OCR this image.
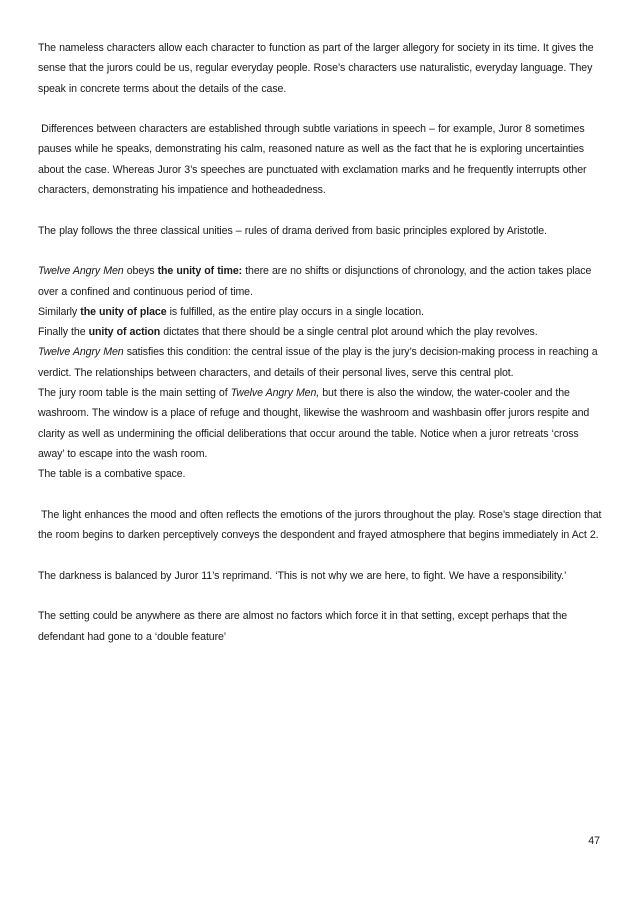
The nameless characters allow each character to function as part of the larger allegory for society in its time. It gives the sense that the jurors could be us, regular everyday people. Rose’s characters use naturalistic, everyday language. They speak in concrete terms about the details of the case.

Differences between characters are established through subtle variations in speech – for example, Juror 8 sometimes pauses while he speaks, demonstrating his calm, reasoned nature as well as the fact that he is exploring uncertainties about the case. Whereas Juror 3’s speeches are punctuated with exclamation marks and he frequently interrupts other characters, demonstrating his impatience and hotheadedness.

The play follows the three classical unities – rules of drama derived from basic principles explored by Aristotle.

Twelve Angry Men obeys the unity of time: there are no shifts or disjunctions of chronology, and the action takes place over a confined and continuous period of time.

Similarly the unity of place is fulfilled, as the entire play occurs in a single location.

Finally the unity of action dictates that there should be a single central plot around which the play revolves.

Twelve Angry Men satisfies this condition: the central issue of the play is the jury’s decision-making process in reaching a verdict. The relationships between characters, and details of their personal lives, serve this central plot.

The jury room table is the main setting of Twelve Angry Men, but there is also the window, the water-cooler and the washroom. The window is a place of refuge and thought, likewise the washroom and washbasin offer jurors respite and clarity as well as undermining the official deliberations that occur around the table. Notice when a juror retreats ‘cross away’ to escape into the wash room.

The table is a combative space.

The light enhances the mood and often reflects the emotions of the jurors throughout the play. Rose’s stage direction that the room begins to darken perceptively conveys the despondent and frayed atmosphere that begins immediately in Act 2.

The darkness is balanced by Juror 11’s reprimand. ‘This is not why we are here, to fight. We have a responsibility.’

The setting could be anywhere as there are almost no factors which force it in that setting, except perhaps that the defendant had gone to a ‘double feature’

47
